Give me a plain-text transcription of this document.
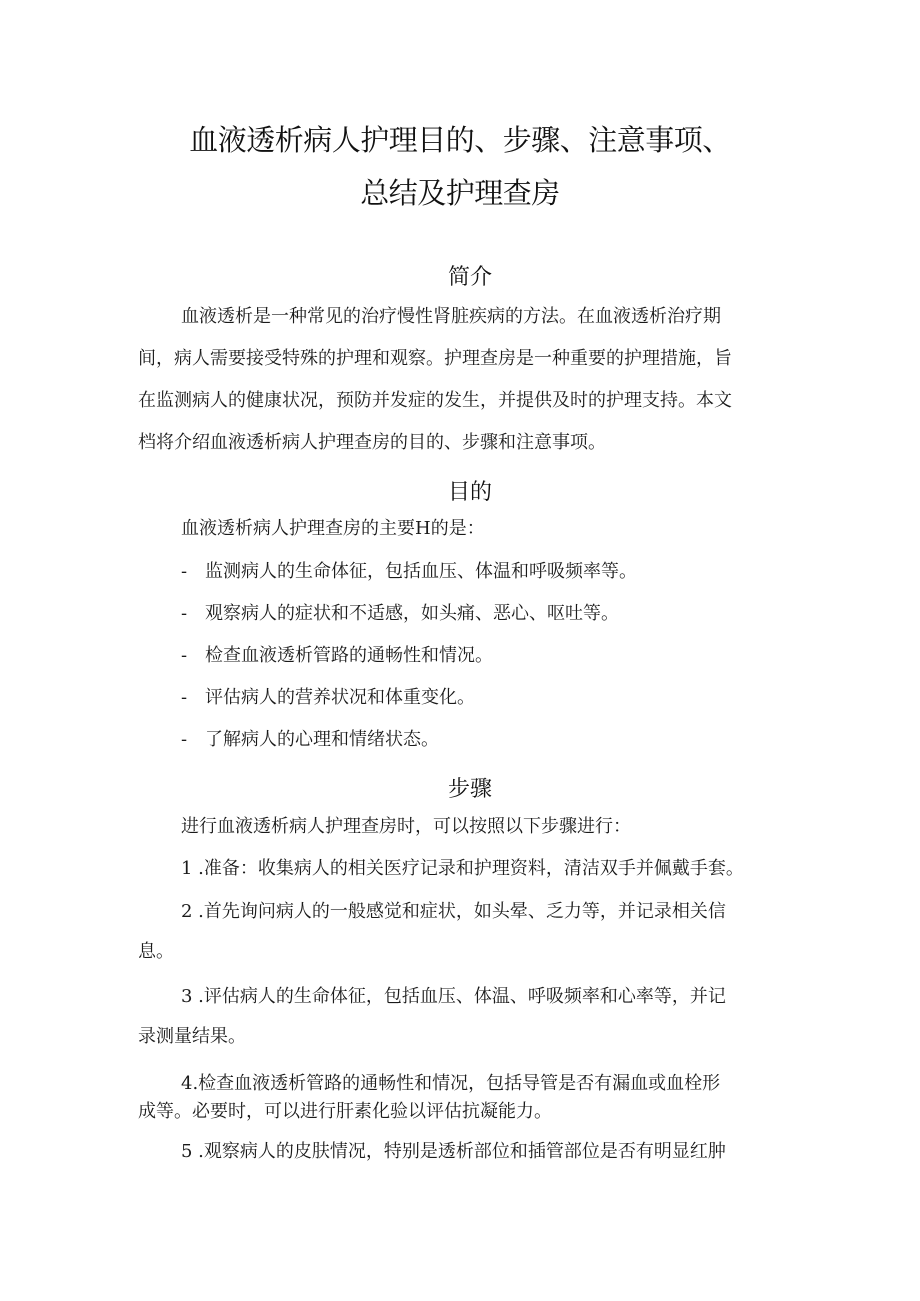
血液透析病人护理目的、步骤、注意事项、
总结及护理查房
简介
血液透析是一种常见的治疗慢性肾脏疾病的方法。在血液透析治疗期
间，病人需要接受特殊的护理和观察。护理查房是一种重要的护理措施，旨
在监测病人的健康状况，预防并发症的发生，并提供及时的护理支持。本文
档将介绍血液透析病人护理查房的目的、步骤和注意事项。
目的
血液透析病人护理查房的主要H的是：
- 监测病人的生命体征，包括血压、体温和呼吸频率等。
- 观察病人的症状和不适感，如头痛、恶心、呕吐等。
- 检查血液透析管路的通畅性和情况。
- 评估病人的营养状况和体重变化。
- 了解病人的心理和情绪状态。
步骤
进行血液透析病人护理查房时，可以按照以下步骤进行：
1 .准备：收集病人的相关医疗记录和护理资料，清洁双手并佩戴手套。
2 .首先询问病人的一般感觉和症状，如头晕、乏力等，并记录相关信
息。
3 .评估病人的生命体征，包括血压、体温、呼吸频率和心率等，并记
录测量结果。
4.检查血液透析管路的通畅性和情况，包括导管是否有漏血或血栓形
成等。必要时，可以进行肝素化验以评估抗凝能力。
5 .观察病人的皮肤情况，特别是透析部位和插管部位是否有明显红肿
